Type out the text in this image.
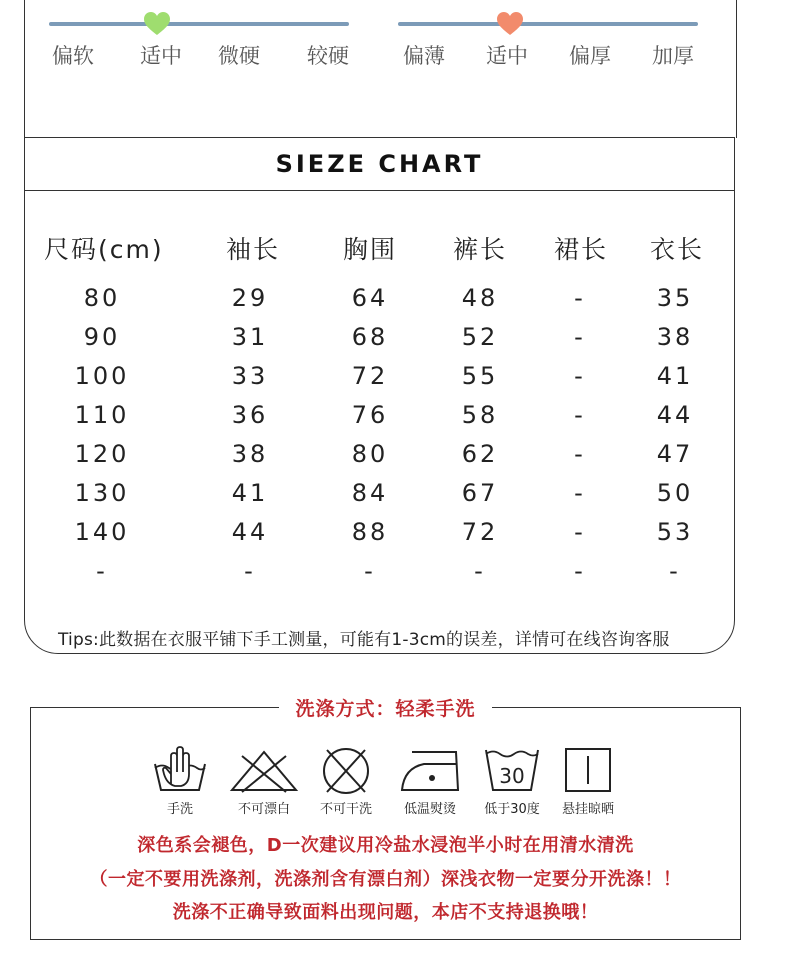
偏软 适中 微硬 较硬	偏薄 适中 偏厚 加厚
SIEZE CHART
尺码(cm) 袖长	胸围 裤长 裙长 衣长
80	29	64	48	-	35
90	31	68	52	-	38
100	33	72	55	-	41
110	36	76	58	-	44
120	38	80	62	-	47
130	41	84	67	-	50
140	44	88	72	-	53
-	-	-	-	-	-
Tips:此数据在衣服平铺下手工测量，可能有1-3cm的误差，详情可在线咨询客服
洗涤方式：轻柔手洗
手洗	不可漂白	不可干洗	低温熨烫
30
低于30度	悬挂晾晒
深色系会褪色，D一次建议用冷盐水浸泡半小时在用清水清洗
（一定不要用洗涤剂，洗涤剂含有漂白剂）深浅衣物一定要分开洗涤！！
洗涤不正确导致面料出现问题，本店不支持退换哦！
